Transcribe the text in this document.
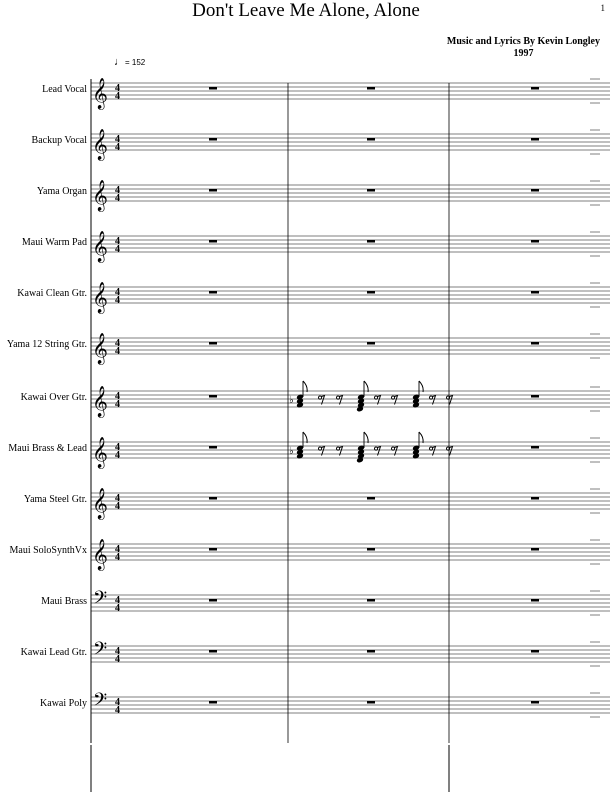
Don't Leave Me Alone, Alone	1
Music and Lyrics By Kevin Longley
1997
♩= 152
Lead Vocal
Backup Vocal
Yama Organ
Maui Warm Pad
Kawai Clean Gtr.
Yama 12 String Gtr.
Kawai Over Gtr.
Maui Brass & Lead
Yama Steel Gtr.
Maui SoloSynthVx
Maui Brass
Kawai Lead Gtr.
Kawai Poly
𝄞 4
4
𝄞 4
4
𝄞 4
4
𝄞 4
4
𝄞 4
4
𝄞 4
4
𝄞 4
4	♭
𝄞 4
4	♭
𝄞 4
4
𝄞 4
4
𝄢 4
4
𝄢 4
4
𝄢 4
4
